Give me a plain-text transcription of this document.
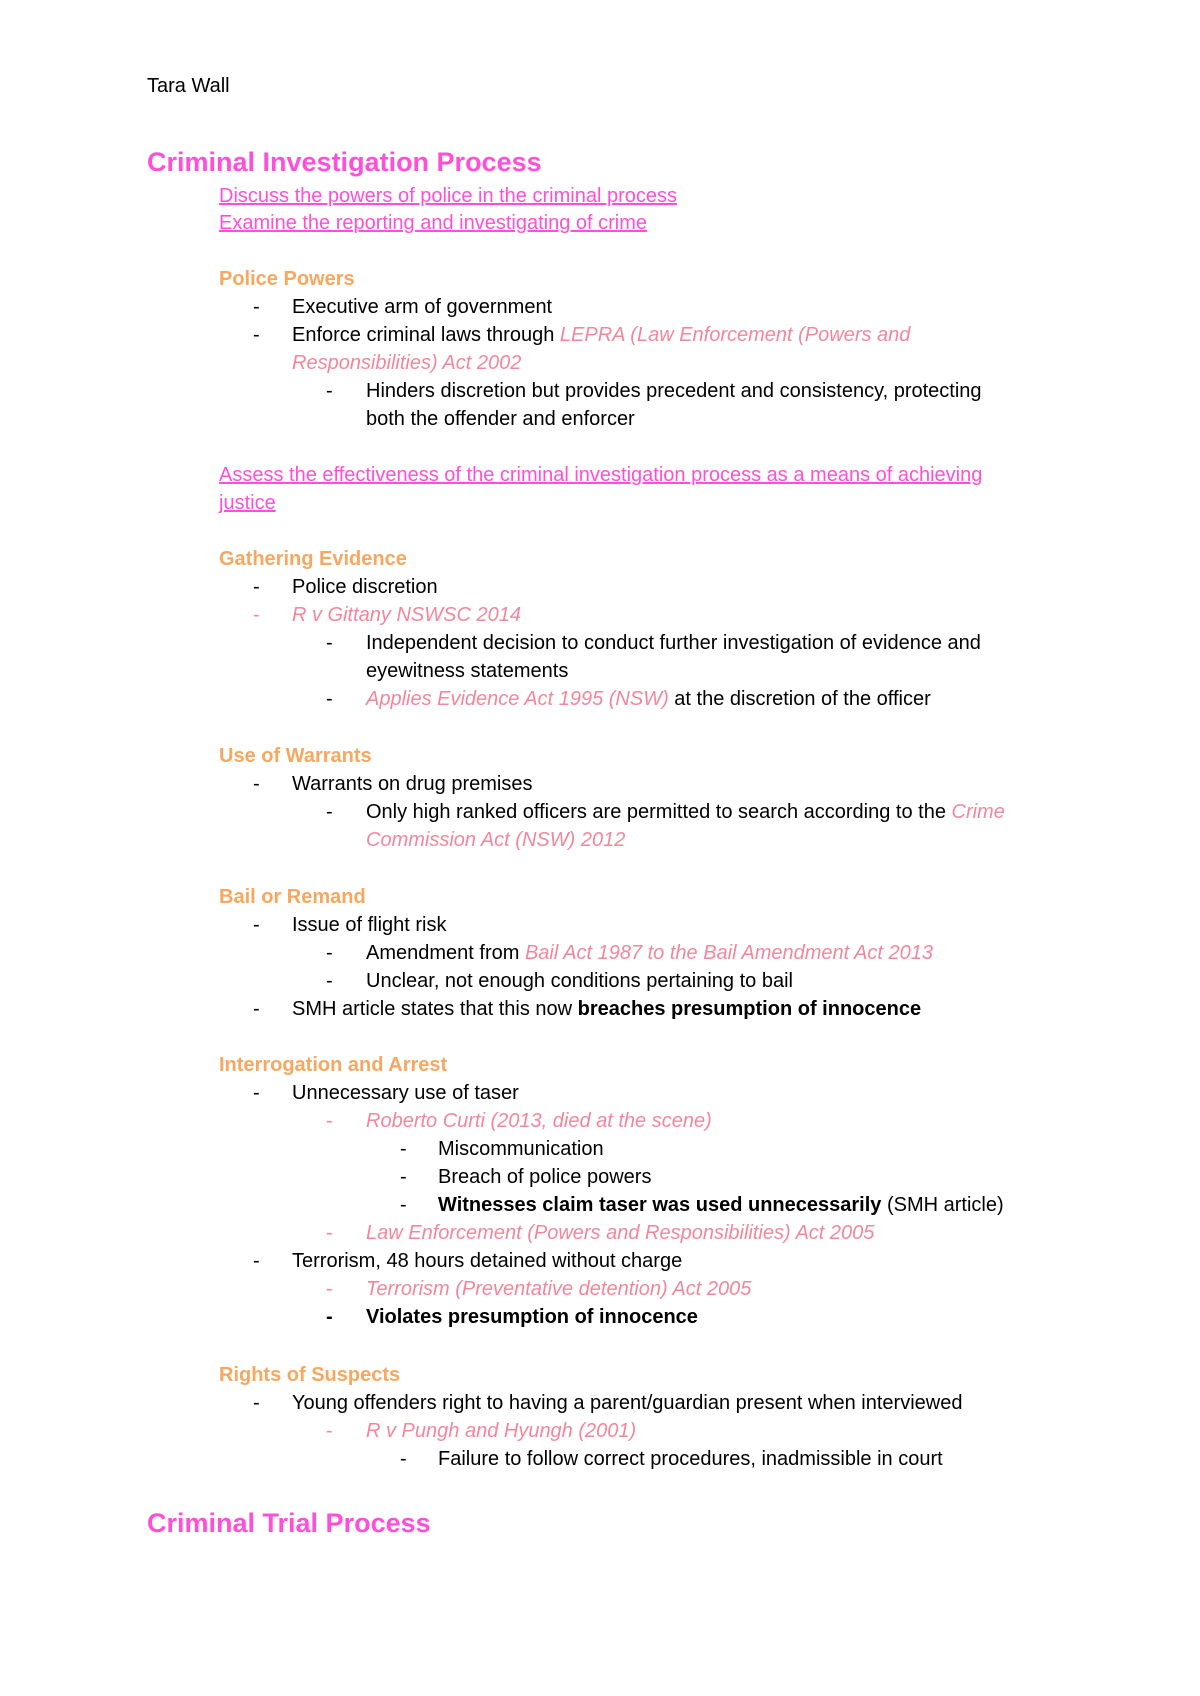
Tara Wall
Criminal Investigation Process
Discuss the powers of police in the criminal process
Examine the reporting and investigating of crime
Police Powers
- Executive arm of government
- Enforce criminal laws through LEPRA (Law Enforcement (Powers and
Responsibilities) Act 2002
- Hinders discretion but provides precedent and consistency, protecting
both the offender and enforcer
Assess the effectiveness of the criminal investigation process as a means of achieving
justice
Gathering Evidence
- Police discretion
- R v Gittany NSWSC 2014
- Independent decision to conduct further investigation of evidence and
eyewitness statements
- Applies Evidence Act 1995 (NSW) at the discretion of the officer
Use of Warrants
- Warrants on drug premises
- Only high ranked officers are permitted to search according to the Crime
Commission Act (NSW) 2012
Bail or Remand
- Issue of flight risk
- Amendment from Bail Act 1987 to the Bail Amendment Act 2013
- Unclear, not enough conditions pertaining to bail
- SMH article states that this now breaches presumption of innocence
Interrogation and Arrest
- Unnecessary use of taser
- Roberto Curti (2013, died at the scene)
- Miscommunication
- Breach of police powers
- Witnesses claim taser was used unnecessarily (SMH article)
- Law Enforcement (Powers and Responsibilities) Act 2005
- Terrorism, 48 hours detained without charge
- Terrorism (Preventative detention) Act 2005
- Violates presumption of innocence
Rights of Suspects
- Young offenders right to having a parent/guardian present when interviewed
- R v Pungh and Hyungh (2001)
- Failure to follow correct procedures, inadmissible in court
Criminal Trial Process
